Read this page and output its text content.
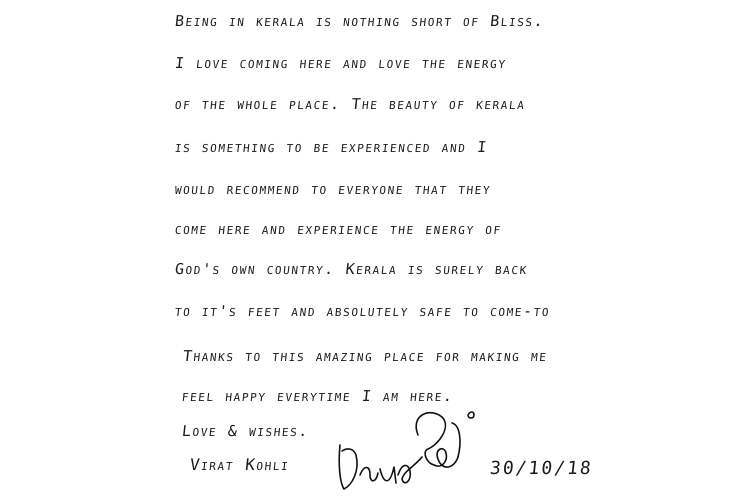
Being in kerala is nothing short of Bliss.
I love coming here and love the energy
of the whole place. The beauty of kerala
is something to be experienced and I
would recommend to everyone that they
come here and experience the energy of
God's own country. Kerala is surely back
to it's feet and absolutely safe to come-to
Thanks to this amazing place for making me
feel happy everytime I am here.
Love & wishes.
Virat Kohli	30/10/18
